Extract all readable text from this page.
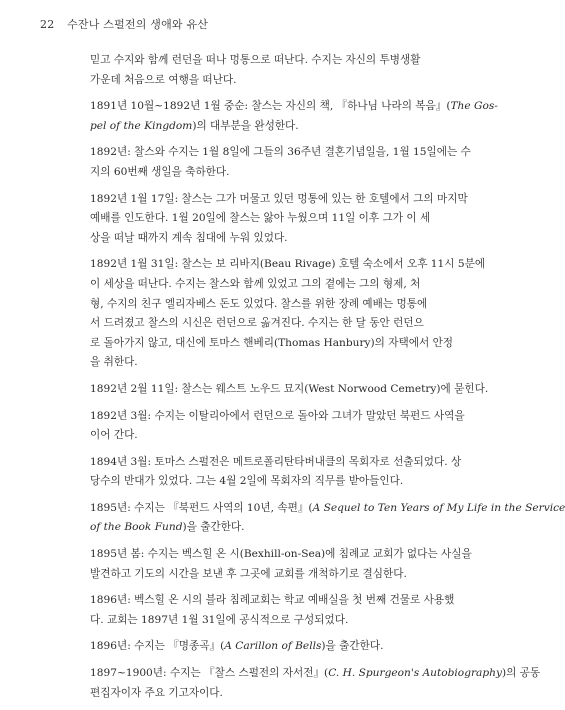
22 수잔나 스펄전의 생애와 유산
믿고 수지와 함께 런던을 떠나 멍통으로 떠난다. 수지는 자신의 투병생활
가운데 처음으로 여행을 떠난다.
1891년 10월~1892년 1월 중순: 찰스는 자신의 책, 『하나님 나라의 복음』(The Gos-
pel of the Kingdom)의 대부분을 완성한다.
1892년: 찰스와 수지는 1월 8일에 그들의 36주년 결혼기념일을, 1월 15일에는 수
지의 60번째 생일을 축하한다.
1892년 1월 17일: 찰스는 그가 머물고 있던 멍통에 있는 한 호텔에서 그의 마지막
예배를 인도한다. 1월 20일에 찰스는 앓아 누웠으며 11일 이후 그가 이 세
상을 떠날 때까지 계속 침대에 누워 있었다.
1892년 1월 31일: 찰스는 보 리바지(Beau Rivage) 호텔 숙소에서 오후 11시 5분에
이 세상을 떠난다. 수지는 찰스와 함께 있었고 그의 곁에는 그의 형제, 처
형, 수지의 친구 엘리자베스 돈도 있었다. 찰스를 위한 장례 예배는 멍통에
서 드려졌고 찰스의 시신은 런던으로 옮겨진다. 수지는 한 달 동안 런던으
로 돌아가지 않고, 대신에 토마스 핸베리(Thomas Hanbury)의 자택에서 안정
을 취한다.
1892년 2월 11일: 찰스는 웨스트 노우드 묘지(West Norwood Cemetry)에 묻힌다.
1892년 3월: 수지는 이탈리아에서 런던으로 돌아와 그녀가 말았던 북펀드 사역을
이어 간다.
1894년 3월: 토마스 스펄전은 메트로폴리탄타버내클의 목회자로 선출되었다. 상
당수의 반대가 있었다. 그는 4월 2일에 목회자의 직무를 받아들인다.
1895년: 수지는 『북펀드 사역의 10년, 속편』(A Sequel to Ten Years of My Life in the Service
of the Book Fund)을 출간한다.
1895년 봄: 수지는 벡스힐 온 시(Bexhill-on-Sea)에 침례교 교회가 없다는 사실을
발견하고 기도의 시간을 보낸 후 그곳에 교회를 개척하기로 결심한다.
1896년: 벡스힐 온 시의 블라 침례교회는 학교 예배실을 첫 번째 건물로 사용했
다. 교회는 1897년 1월 31일에 공식적으로 구성되었다.
1896년: 수지는 『명종곡』(A Carillon of Bells)을 출간한다.
1897~1900년: 수지는 『찰스 스펄전의 자서전』(C. H. Spurgeon's Autobiography)의 공동
편집자이자 주요 기고자이다.
